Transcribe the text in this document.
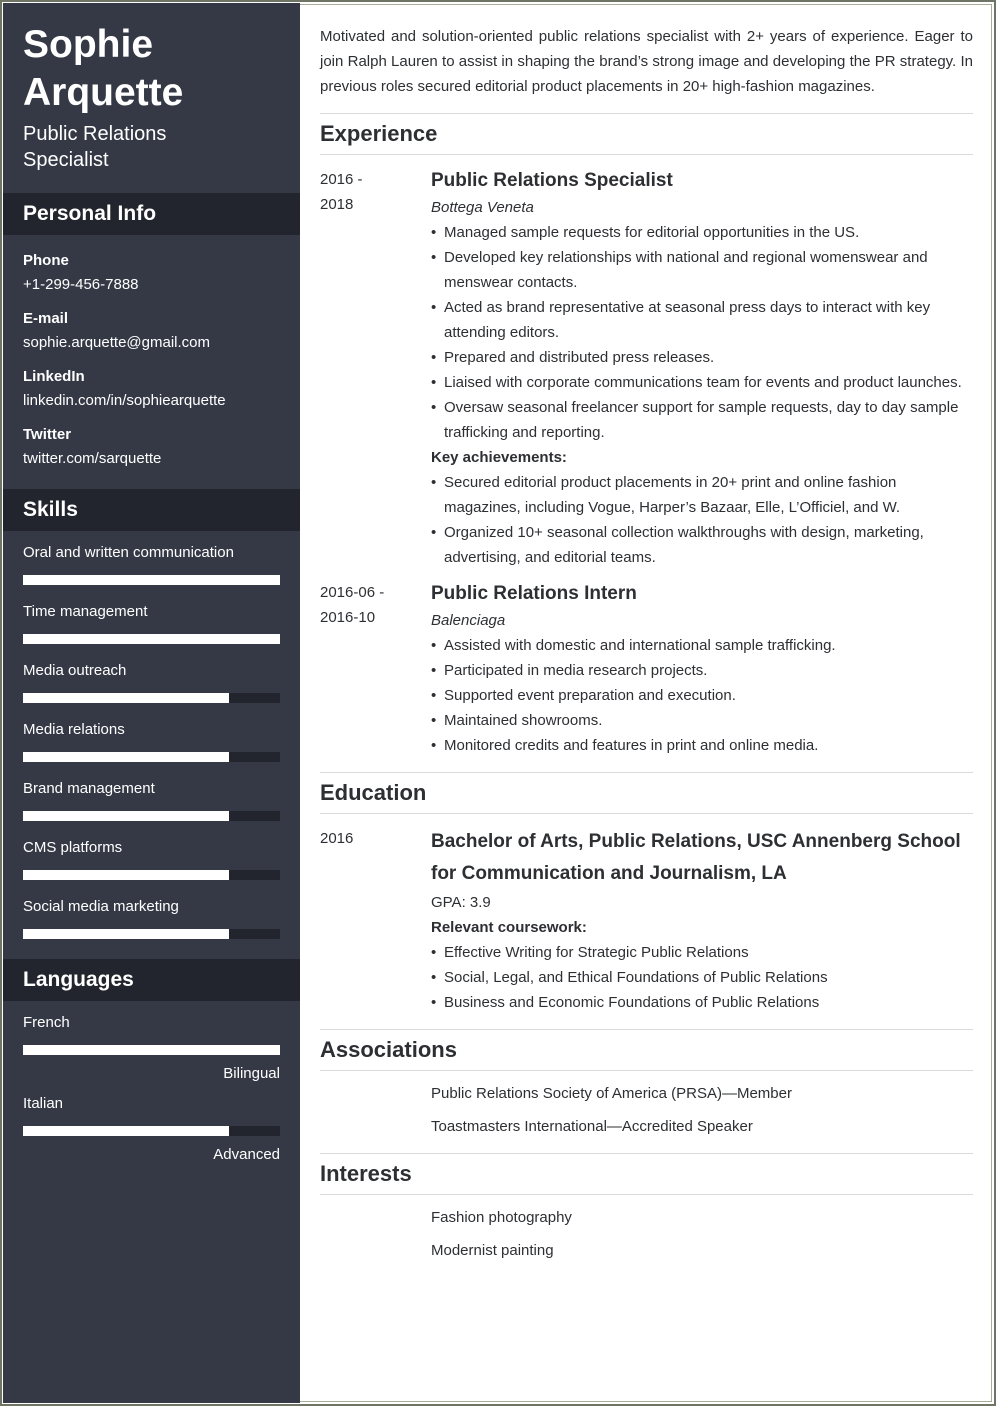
Sophie
Arquette
Public Relations
Specialist
Personal Info
Phone
+1-299-456-7888
E-mail
sophie.arquette@gmail.com
LinkedIn
linkedin.com/in/sophiearquette
Twitter
twitter.com/sarquette
Skills
Oral and written communication
Time management
Media outreach
Media relations
Brand management
CMS platforms
Social media marketing
Languages
French
Bilingual
Italian
Advanced

Motivated and solution-oriented public relations specialist with 2+ years of experience. Eager to join Ralph Lauren to assist in shaping the brand’s strong image and developing the PR strategy. In previous roles secured editorial product placements in 20+ high-fashion magazines.

Experience
2016 -
2018
Public Relations Specialist
Bottega Veneta
• Managed sample requests for editorial opportunities in the US.
• Developed key relationships with national and regional womenswear and menswear contacts.
• Acted as brand representative at seasonal press days to interact with key attending editors.
• Prepared and distributed press releases.
• Liaised with corporate communications team for events and product launches.
• Oversaw seasonal freelancer support for sample requests, day to day sample trafficking and reporting.
Key achievements:
• Secured editorial product placements in 20+ print and online fashion magazines, including Vogue, Harper’s Bazaar, Elle, L’Officiel, and W.
• Organized 10+ seasonal collection walkthroughs with design, marketing, advertising, and editorial teams.
2016-06 -
2016-10
Public Relations Intern
Balenciaga
• Assisted with domestic and international sample trafficking.
• Participated in media research projects.
• Supported event preparation and execution.
• Maintained showrooms.
• Monitored credits and features in print and online media.
Education
2016	Bachelor of Arts, Public Relations, USC Annenberg School for Communication and Journalism, LA
GPA: 3.9
Relevant coursework:
• Effective Writing for Strategic Public Relations
• Social, Legal, and Ethical Foundations of Public Relations
• Business and Economic Foundations of Public Relations
Associations
Public Relations Society of America (PRSA)—Member
Toastmasters International—Accredited Speaker
Interests
Fashion photography
Modernist painting
